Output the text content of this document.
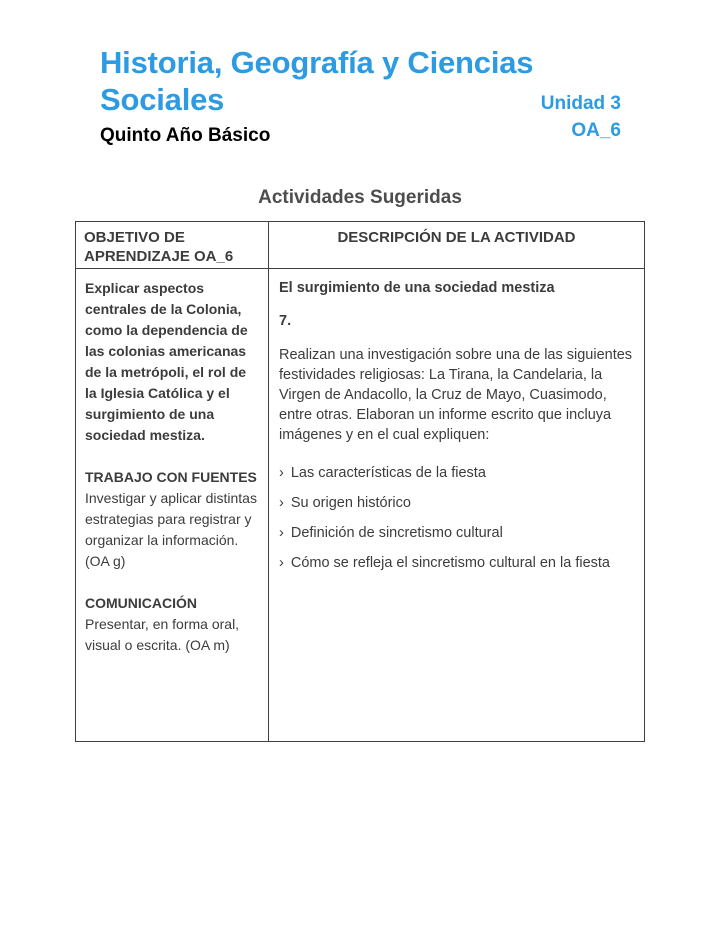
Historia, Geografía y Ciencias
Sociales
Quinto Año Básico
Unidad 3
OA_6
Actividades Sugeridas
OBJETIVO DE APRENDIZAJE OA_6
DESCRIPCIÓN DE LA ACTIVIDAD

Explicar aspectos centrales de la Colonia, como la dependencia de las colonias americanas de la metrópoli, el rol de la Iglesia Católica y el surgimiento de una sociedad mestiza.

TRABAJO CON FUENTES

Investigar y aplicar distintas estrategias para registrar y organizar la información. (OA g)

COMUNICACIÓN

Presentar, en forma oral, visual o escrita. (OA m)

El surgimiento de una sociedad mestiza

7.

Realizan una investigación sobre una de las siguientes festividades religiosas: La Tirana, la Candelaria, la Virgen de Andacollo, la Cruz de Mayo, Cuasimodo, entre otras. Elaboran un informe escrito que incluya imágenes y en el cual expliquen:

› Las características de la fiesta
› Su origen histórico
› Definición de sincretismo cultural
› Cómo se refleja el sincretismo cultural en la fiesta
